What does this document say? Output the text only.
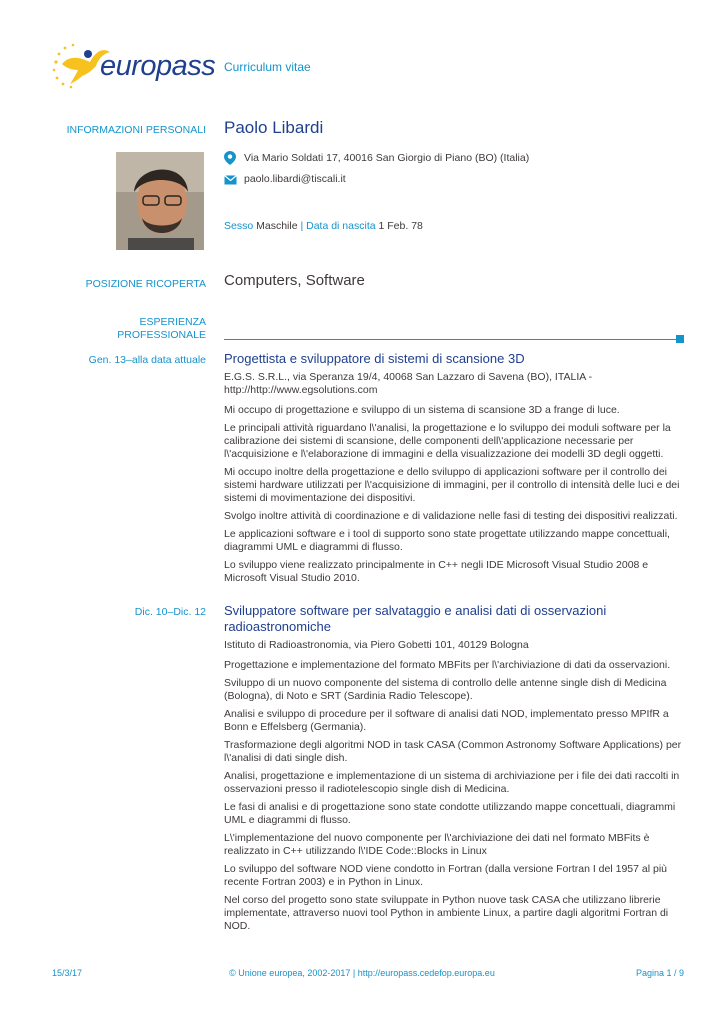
europass Curriculum vitae
INFORMAZIONI PERSONALI Paolo Libardi
Via Mario Soldati 17, 40016 San Giorgio di Piano (BO) (Italia)
paolo.libardi@tiscali.it
Sesso Maschile | Data di nascita 1 Feb. 78
POSIZIONE RICOPERTA Computers, Software
ESPERIENZA
PROFESSIONALE
Gen. 13–alla data attuale Progettista e sviluppatore di sistemi di scansione 3D

E.G.S. S.R.L., via Speranza 19/4, 40068 San Lazzaro di Savena (BO), ITALIA - http://http://www.egsolutions.com

Mi occupo di progettazione e sviluppo di un sistema di scansione 3D a frange di luce.

Le principali attività riguardano l\'analisi, la progettazione e lo sviluppo dei moduli software per la calibrazione dei sistemi di scansione, delle componenti dell\'applicazione necessarie per l\'acquisizione e l\'elaborazione di immagini e della visualizzazione dei modelli 3D degli oggetti.

Mi occupo inoltre della progettazione e dello sviluppo di applicazioni software per il controllo dei sistemi hardware utilizzati per l\'acquisizione di immagini, per il controllo di intensità delle luci e dei sistemi di movimentazione dei dispositivi.

Svolgo inoltre attività di coordinazione e di validazione nelle fasi di testing dei dispositivi realizzati.

Le applicazioni software e i tool di supporto sono state progettate utilizzando mappe concettuali, diagrammi UML e diagrammi di flusso.

Lo sviluppo viene realizzato principalmente in C++ negli IDE Microsoft Visual Studio 2008 e Microsoft Visual Studio 2010.

Dic. 10–Dic. 12 Sviluppatore software per salvataggio e analisi dati di osservazioni radioastronomiche

Istituto di Radioastronomia, via Piero Gobetti 101, 40129 Bologna

Progettazione e implementazione del formato MBFits per l\'archiviazione di dati da osservazioni.

Sviluppo di un nuovo componente del sistema di controllo delle antenne single dish di Medicina (Bologna), di Noto e SRT (Sardinia Radio Telescope).

Analisi e sviluppo di procedure per il software di analisi dati NOD, implementato presso MPIfR a Bonn e Effelsberg (Germania).

Trasformazione degli algoritmi NOD in task CASA (Common Astronomy Software Applications) per l\'analisi di dati single dish.

Analisi, progettazione e implementazione di un sistema di archiviazione per i file dei dati raccolti in osservazioni presso il radiotelescopio single dish di Medicina.

Le fasi di analisi e di progettazione sono state condotte utilizzando mappe concettuali, diagrammi UML e diagrammi di flusso.

L\'implementazione del nuovo componente per l\'archiviazione dei dati nel formato MBFits è realizzato in C++ utilizzando l\'IDE Code::Blocks in Linux

Lo sviluppo del software NOD viene condotto in Fortran (dalla versione Fortran I del 1957 al più recente Fortran 2003) e in Python in Linux.

Nel corso del progetto sono state sviluppate in Python nuove task CASA che utilizzano librerie implementate, attraverso nuovi tool Python in ambiente Linux, a partire dagli algoritmi Fortran di NOD.

15/3/17	© Unione europea, 2002-2017 | http://europass.cedefop.europa.eu	Pagina 1 / 9
